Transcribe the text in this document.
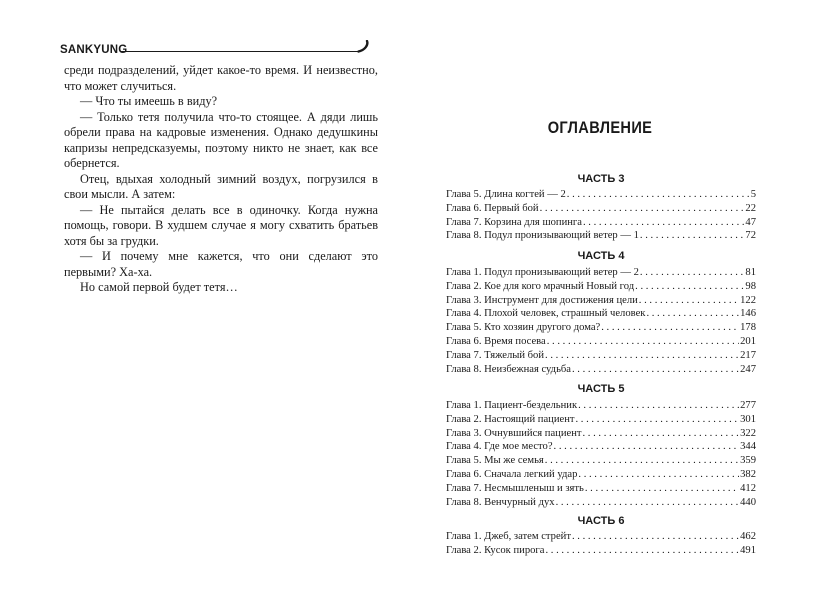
SANKYUNG

среди подразделений, уйдет какое-то время. И неизвестно, что может случиться.

— Что ты имеешь в виду?

— Только тетя получила что-то стоящее. А дяди лишь обрели права на кадровые изменения. Однако дедушкины капризы непредсказуемы, поэтому никто не знает, как все обернется.

Отец, вдыхая холодный зимний воздух, погрузился в свои мысли. А затем:

— Не пытайся делать все в одиночку. Когда нужна помощь, говори. В худшем случае я могу схватить братьев хотя бы за грудки.

— И почему мне кажется, что они сделают это первыми? Ха-ха.

Но самой первой будет тетя…

ОГЛАВЛЕНИЕ
ЧАСТЬ 3
Глава 5. Длина когтей — 2 . . .	5
Глава 6. Первый бой . . .	22
Глава 7. Корзина для шопинга . . .	47
Глава 8. Подул пронизывающий ветер — 1 . . .	72
ЧАСТЬ 4
Глава 1. Подул пронизывающий ветер — 2 . . .	81
Глава 2. Кое для кого мрачный Новый год . . .	98
Глава 3. Инструмент для достижения цели . . .	122
Глава 4. Плохой человек, страшный человек . . .	146
Глава 5. Кто хозяин другого дома? . . .	178
Глава 6. Время посева . . .	201
Глава 7. Тяжелый бой . . .	217
Глава 8. Неизбежная судьба . . .	247
ЧАСТЬ 5
Глава 1. Пациент-бездельник . . .	277
Глава 2. Настоящий пациент . . .	301
Глава 3. Очнувшийся пациент . . .	322
Глава 4. Где мое место? . . .	344
Глава 5. Мы же семья . . .	359
Глава 6. Сначала легкий удар . . .	382
Глава 7. Несмышленыш и зять . . .	412
Глава 8. Венчурный дух . . .	440
ЧАСТЬ 6
Глава 1. Джеб, затем стрейт . . .	462
Глава 2. Кусок пирога . . .	491
